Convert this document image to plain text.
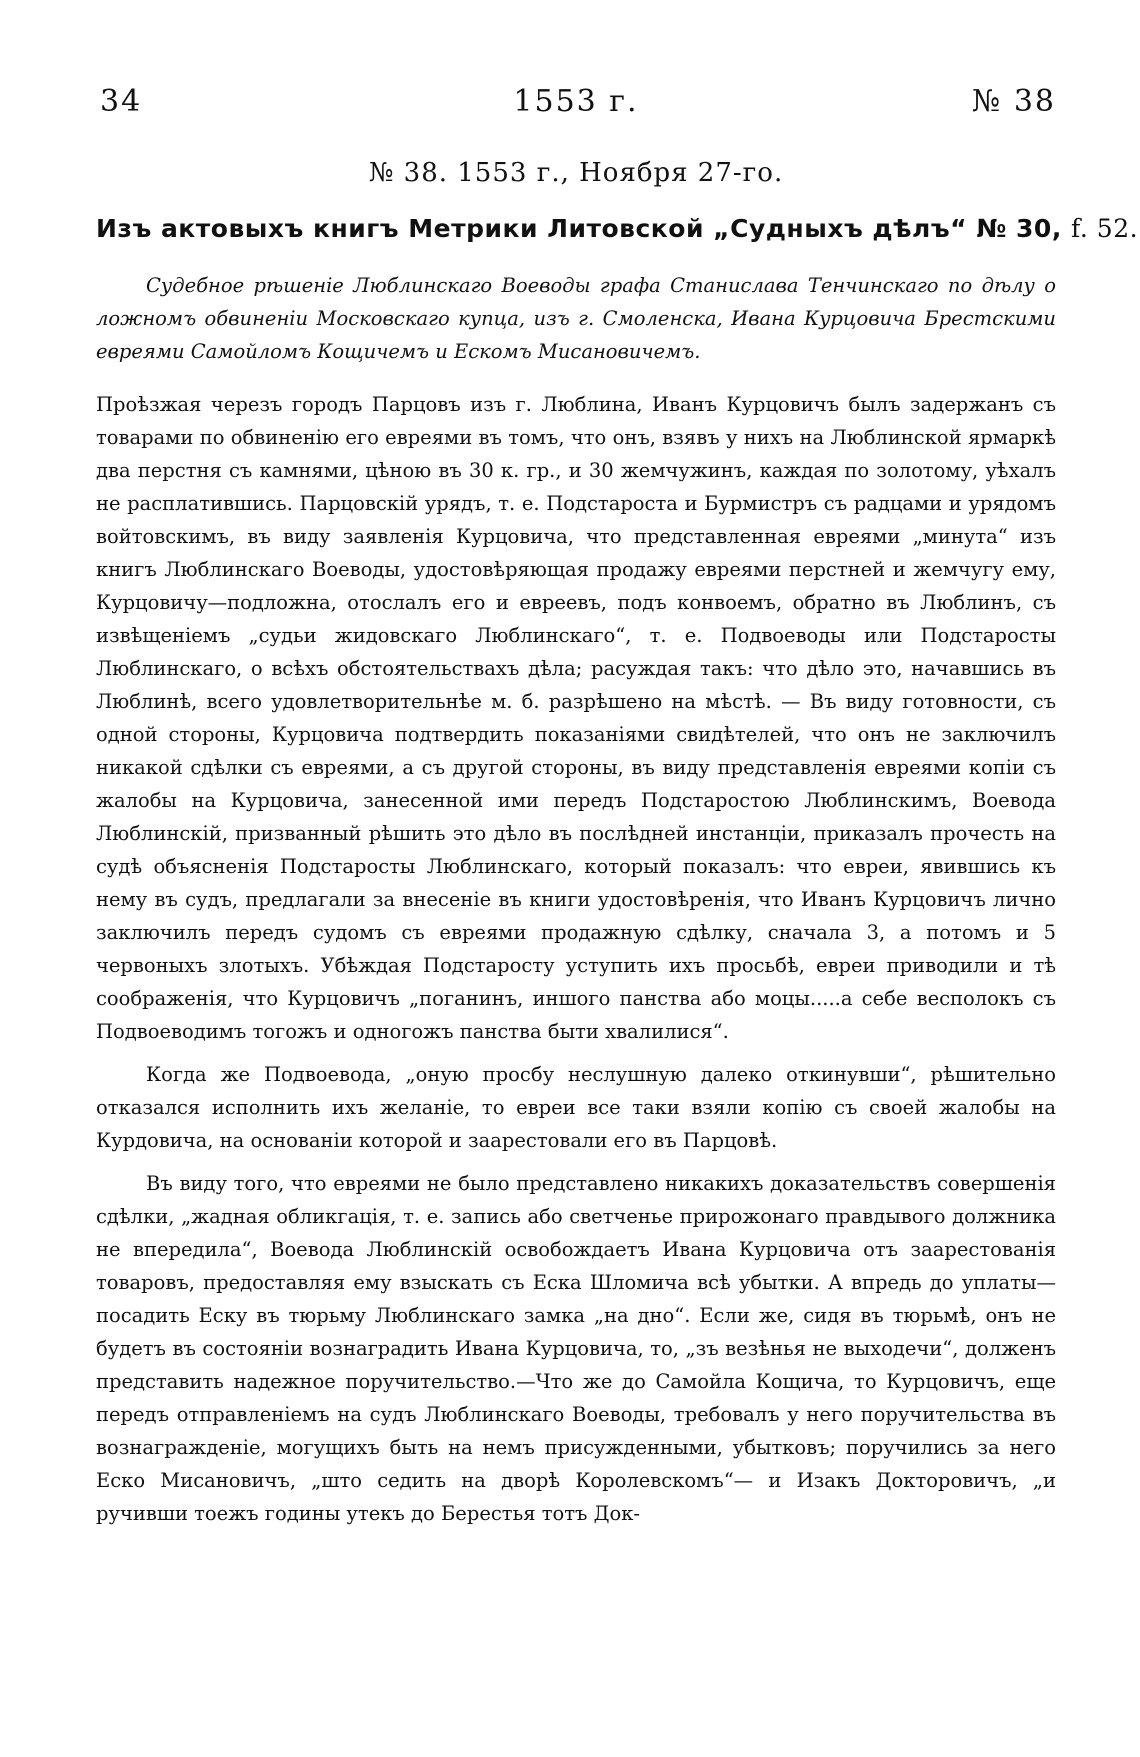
34	1553 г.	№ 38
№ 38. 1553 г., Ноября 27-го.
Изъ актовыхъ книгъ Метрики Литовской „Судныхъ дѣлъ“ № 30, f. 52.

Судебное рѣшеніе Люблинскаго Воеводы графа Станислава Тенчинскаго по дѣлу о ложномъ обвиненіи Московскаго купца, изъ г. Смоленска, Ивана Курцовича Брестскими евреями Самойломъ Кощичемъ и Ескомъ Мисановичемъ.

Проѣзжая черезъ городъ Парцовъ изъ г. Люблина, Иванъ Курцовичъ былъ задержанъ съ товарами по обвиненію его евреями въ томъ, что онъ, взявъ у нихъ на Люблинской ярмаркѣ два перстня съ камнями, цѣною въ 30 к. гр., и 30 жемчужинъ, каждая по золотому, уѣхалъ не расплатившись. Парцовскій урядъ, т. е. Подстароста и Бурмистръ съ радцами и урядомъ войтовскимъ, въ виду заявленія Курцовича, что представленная евреями „минута“ изъ книгъ Люблинскаго Воеводы, удостовѣряющая продажу евреями перстней и жемчугу ему, Курцовичу—подложна, отослалъ его и евреевъ, подъ конвоемъ, обратно въ Люблинъ, съ извѣщеніемъ „судьи жидовскаго Люблинскаго“, т. е. Подвоеводы или Подстаросты Люблинскаго, о всѣхъ обстоятельствахъ дѣла; расуждая такъ: что дѣло это, начавшись въ Люблинѣ, всего удовлетворительнѣе м. б. разрѣшено на мѣстѣ. — Въ виду готовности, съ одной стороны, Курцовича подтвердить показаніями свидѣтелей, что онъ не заключилъ никакой сдѣлки съ евреями, а съ другой стороны, въ виду представленія евреями копіи съ жалобы на Курцовича, занесенной ими передъ Подстаростою Люблинскимъ, Воевода Люблинскій, призванный рѣшить это дѣло въ послѣдней инстанціи, приказалъ прочесть на судѣ объясненія Подстаросты Люблинскаго, который показалъ: что евреи, явившись къ нему въ судъ, предлагали за внесеніе въ книги удостовѣренія, что Иванъ Курцовичъ лично заключилъ передъ судомъ съ евреями продажную сдѣлку, сначала 3, а потомъ и 5 червоныхъ злотыхъ. Убѣждая Подстаросту уступить ихъ просьбѣ, евреи приводили и тѣ соображенія, что Курцовичъ „поганинъ, иншого панства або моцы.....а себе весполокъ съ Подвоеводимъ тогожъ и одногожъ панства быти хвалилися“.

Когда же Подвоевода, „оную просбу неслушную далеко откинувши“, рѣшительно отказался исполнить ихъ желаніе, то евреи все таки взяли копію съ своей жалобы на Курдовича, на основаніи которой и заарестовали его въ Парцовѣ.

Въ виду того, что евреями не было представлено никакихъ доказательствъ совершенія сдѣлки, „жадная обликгація, т. е. запись або светченье прирожонаго правдывого должника не впередила“, Воевода Люблинскій освобождаетъ Ивана Курцовича отъ заарестованія товаровъ, предоставляя ему взыскать съ Еска Шломича всѣ убытки. А впредь до уплаты—посадить Еску въ тюрьму Люблинскаго замка „на дно“. Если же, сидя въ тюрьмѣ, онъ не будетъ въ состояніи вознаградить Ивана Курцовича, то, „зъ везѣнья не выходечи“, долженъ представить надежное поручительство.—Что же до Самойла Кощича, то Курцовичъ, еще передъ отправленіемъ на судъ Люблинскаго Воеводы, требовалъ у него поручительства въ вознагражденіе, могущихъ быть на немъ присужденными, убытковъ; поручились за него Еско Мисановичъ, „што седить на дворѣ Королевскомъ“— и Изакъ Докторовичъ, „и ручивши тоежъ годины утекъ до Берестья тотъ Док-
